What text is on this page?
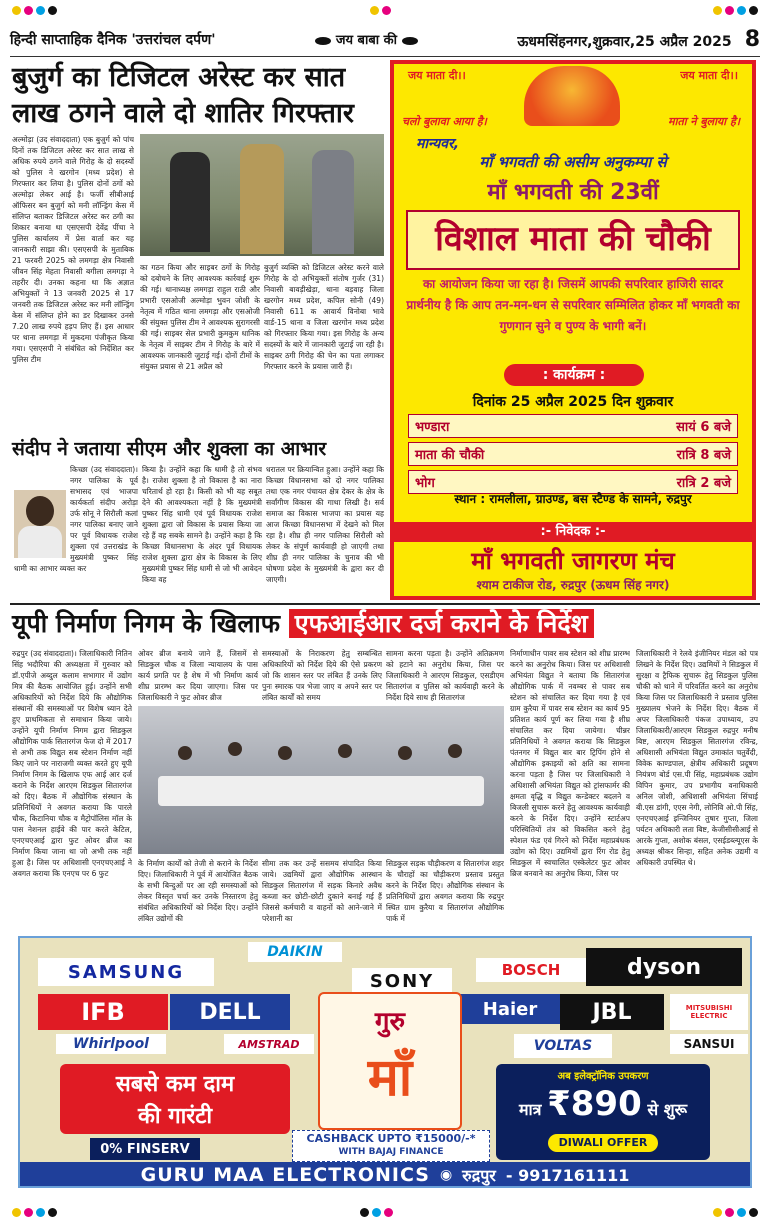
हिन्दी साप्ताहिक दैनिक 'उत्तरांचल दर्पण'	जय बाबा की	ऊधमसिंहनगर,शुक्रवार,25 अप्रैल 2025 8
बुजुर्ग का टिजिटल अरेस्ट कर सात
लाख ठगने वाले दो शातिर गिरफ्तार
अल्मोड़ा (उद संवाददाता) एक बुजुर्ग को पांच दिनों तक डिजिटल अरेस्ट कर सात लाख से अधिक रुपये ठगने वाले गिरोह के दो सदस्यों को पुलिस ने खरगोन (मध्य प्रदेश) से गिरफ्तार कर लिया है। पुलिस दोनों ठगों को अल्मोड़ा लेकर आई है। फर्जी सीबीआई ऑफिसर बन बुजुर्ग को मनी लॉन्ड्रिंग केस में संलिप्त बताकर डिजिटल अरेस्ट कर ठगी का शिकार बनाया था एसएसपी देवेंद्र पींचा ने पुलिस कार्यालय में प्रेस वार्ता कर यह जानकारी साझा की। एसएसपी के मुताबिक 21 फरवरी 2025 को लमगड़ा क्षेत्र निवासी जीवन सिंह मेहता निवासी बगीला लमगड़ा ने तहरीर दी। उनका कहना था कि अज्ञात अभियुक्तों ने 13 जनवरी 2025 से 17 जनवरी तक डिजिटल अरेस्ट कर मनी लॉन्ड्रिंग केस में संलिप्त होने का डर दिखाकर उनसे 7.20 लाख रुपये हड़प लिए हैं। इस आधार पर थाना लमगड़ा में मुकदमा पंजीकृत किया गया। एसएसपी ने संबंधित को निर्देशित कर पुलिस टीम
का गठन किया और साइबर ठगों के गिरोह को दबोचने के लिए आवश्यक कार्रवाई शुरू की गई। थानाध्यक्ष लमगड़ा राहुल राठी और प्रभारी एसओजी अल्मोड़ा भुवन जोशी के नेतृत्व में गठित थाना लमगड़ा और एसओजी की संयुक्त पुलिस टीम ने आवश्यक सुरागरसी की गई। साइबर सेल प्रभारी कुमकुम धानिक के नेतृत्व में साइबर टीम ने गिरोह के बारे में आवश्यक जानकारी जुटाई गई। दोनों टीमों के संयुक्त प्रयास से 21 अप्रैल को
बुजुर्ग व्यक्ति को डिजिटल अरेस्ट करने वाले गिरोह के दो अभियुक्तों संतोष गुर्जर (31) निवासी बावड़ीखेड़ा, थाना बड़वाह जिला खरगोन मध्य प्रदेश, कपिल सोनी (49) निवासी 611 क आवार्य विनोबा भावे वार्ड-15 थाना व जिला खरगोन मध्य प्रदेश को गिरफ्तार किया गया। इस गिरोह के अन्य सदस्यों के बारे में जानकारी जुटाई जा रही है। साइबर ठगी गिरोह की चेन का पता लगाकर गिरफ्तार करने के प्रयास जारी हैं।
संदीप ने जताया सीएम और शुक्ला का आभार
किच्छा (उद संवाददाता)। नगर पालिका के पूर्व सभासद एवं भाजपा कार्यकर्ता संदीप अरोड़ा उर्फ सोनू ने सिरौली कलां नगर पालिका बनाए जाने पर पूर्व विधायक राजेश शुक्ला एवं उत्तराखंड के मुख्यमंत्री पुष्कर सिंह धामी का आभार व्यक्त कर
किया है। उन्होंने कहा कि धामी है तो संभव है। राजेश शुक्ला है तो विकास है का नारा चरितार्थ हो रहा है। किसी को भी यह सबूत देने की आवश्यकता नहीं है कि मुख्यमंत्री पुष्कर सिंह धामी एवं पूर्व विधायक राजेश शुक्ला द्वारा जो विकास के प्रयास किया जा रहे हैं वह सबके सामने है। उन्होंने कहा है कि किच्छा विधानसभा के अंदर पूर्व विधायक राजेश शुक्ला द्वारा क्षेत्र के विकास के लिए मुख्यमंत्री पुष्कर सिंह धामी से जो भी आवेदन किया वह
धरातल पर क्रियान्वित हुआ। उन्होंने कहा कि किच्छा विधानसभा को दो नगर पालिका तथा एक नगर पंचायत क्षेत्र देकर के क्षेत्र के सर्वांगीण विकास की गाथा लिखी है। सर्व समाज का विकास भाजपा का प्रयास यह आज किच्छा विधानसभा में देखने को मिल रहा है। शीघ्र ही नगर पालिका सिरौली को लेकर के संपूर्ण कार्यवाही हो जाएगी तथा शीघ्र ही नगर पालिका के चुनाव की भी घोषणा प्रदेश के मुख्यमंत्री के द्वारा कर दी जाएगी।
जय माता दी।।	जय माता दी।।
चलो बुलावा आया है।	माता ने बुलाया है।
मान्यवर,
माँ भगवती की असीम अनुकम्पा से
माँ भगवती की 23वीं
विशाल माता की चौकी
का आयोजन किया जा रहा है। जिसमें आपकी सपरिवार हाजिरी सादर प्रार्थनीय है कि आप तन-मन-धन से सपरिवार सम्मिलित होकर माँ भगवती का गुणगान सुने व पुण्य के भागी बनें।
: कार्यक्रम :
दिनांक 25 अप्रैल 2025 दिन शुक्रवार
भण्डारा	सायं 6 बजे
माता की चौकी	रात्रि 8 बजे
भोग	रात्रि 2 बजे
स्थान : रामलीला, ग्राउण्ड, बस स्टैण्ड के सामने, रुद्रपुर
:- निवेदक :-
माँ भगवती जागरण मंच
श्याम टाकीज रोड, रुद्रपुर (ऊधम सिंह नगर)
यूपी निर्माण निगम के खिलाफ एफआईआर दर्ज कराने के निर्देश
रुद्रपुर (उद संवाददाता)। जिलाधिकारी नितिन सिंह भदौरिया की अध्यक्षता में गुरुवार को डॉ.एपीजे अब्दुल कलाम सभागार में उद्योग मित्र की बैठक आयोजित हुई। उन्होंने सभी अधिकारियों को निर्देश दिये कि औद्योगिक संस्थानों की समस्याओं पर विशेष ध्यान देते हुए प्राथमिकता से समाधान किया जाये। उन्होंने यूपी निर्माण निगम द्वारा सिडकुल औद्योगिक पार्क सितारगंज फेज दो में 2017 से अभी तक विद्युत सब स्टेशन निर्माण नहीं किए जाने पर नाराजगी व्यक्त करते हुए यूपी निर्माण निगम के खिलाफ एफ आई आर दर्ज कराने के निर्देश आरएम सिडकुल सितारगंज को दिए। बैठक में औद्योगिक संस्थान के प्रतिनिधियों ने अवगत कराया कि पारले चौक, किटानिया चौक व मैट्रोपॉलिस मॉल के पास नेशनल हाईवे की पार करते केटिल, एनएचएआई द्वारा फुट ओवर ब्रीज का निर्माण किया जाना था जो अभी तक नहीं हुआ है। जिस पर अधिशासी एनएचएआई ने अवगत कराया कि एनएच पर 6 फुट
ओवर ब्रीज बनाये जाने हैं, जिसमें से सिडकुल चौक व जिला न्यायालय के पास कार्य प्रगति पर है शेष में भी निर्माण कार्य शीघ्र प्रारम्भ कर दिया जाएगा। जिस पर जिलाधिकारी ने फुट ओवर ब्रीज
समस्याओं के निराकरण हेतु सम्बन्धित अधिकारियों को निर्देश दिये की ऐसे प्रकरण जो कि शासन स्तर पर लंबित हैं उनके लिए पुनः स्मारक पत्र भेजा जाए व अपने स्तर पर लंबित कार्यों को समय
सामना करना पड़ता है। उन्होंने अतिक्रमण को हटाने का अनुरोध किया, जिस पर जिलाधिकारी ने आरएम सिडकुल, एसडीएम सितारगंज व पुलिस को कार्यवाही करने के निर्देश दिये साथ ही सितारगंज
के निर्माण कार्यों को तेजी से कराने के निर्देश दिए। जिलाधिकारी ने पूर्व में आयोजित बैठक के सभी बिन्दुओं पर आ रही समस्याओं को लेकर विस्तृत चर्चा कर उनके निस्तारण हेतु संबंधित अधिकारियों को निर्देश दिए। उन्होंने लंबित उद्योगों की
सीमा तक कर उन्हें ससमय संपादित किया जाये। उद्यमियों द्वारा औद्योगिक आस्थान सिडकुल सितारगंज में सड़क किनारे अवैध कब्जा कर छोटी-छोटी दुकाने बनाई गई हैं जिससे कर्मचारी व वाहनों को आने-जाने में परेशानी का
सिडकुल सड़क चौड़ीकरण व सितारगंज शहर के चौराहों का चौड़ीकरण प्रस्ताव प्रस्तुत करने के निर्देश दिए। औद्योगिक संस्थान के प्रतिनिधियों द्वारा अवगत कराया कि रुद्रपुर स्थित ग्राम कुरैया व सितारगंज औद्योगिक पार्क में
निर्माणाधीन पावर सब स्टेशन को शीघ्र प्रारम्भ करने का अनुरोध किया। जिस पर अधिशासी अभियंता विद्युत ने बताया कि सितारगंज औद्योगिक पार्क में नवम्बर से पावर सब स्टेशन को संचालित कर दिया गया है एवं ग्राम कुरैया में पावर सब स्टेशन का कार्य 95 प्रतिशत कार्य पूर्ण कर लिया गया है शीघ्र संचालित कर दिया जायेगा। चीन्नर प्रतिनिधियों ने अवगत कराया कि सिडकुल पंतनगर में विद्युत बार बार ट्रिपिंग होने से औद्योगिक इकाइयों को क्षति का सामना करना पड़ता है जिस पर जिलाधिकारी ने अधिशासी अभियंता विद्युत को ट्रांसफार्मर की क्षमता वृद्धि व विद्युत कन्डेक्टर बदलने व बिजली सुचारू करने हेतु आवश्यक कार्यवाही करने के निर्देश दिए। उन्होंने स्टार्टअप परिस्थितियों तंत्र को विकसित करने हेतु स्पेशल फंड एवं गिरने को निर्देश महाप्रबंधक उद्योग को दिए। उद्यमियों द्वारा रिंग रोड हेतु सिडकुल में स्वचालित एस्केलेटर फुट ओवर ब्रिज बनवाने का अनुरोध किया, जिस पर
जिलाधिकारी ने रेलवे इंजीनियर मंडल को पत्र लिखने के निर्देश दिए। उद्यमियों ने सिडकुल में सुरक्षा व ट्रैफिक सुचारू हेतु सिडकुल पुलिस चौकी को थाने में परिवर्तित करने का अनुरोध किया जिस पर जिलाधिकारी ने प्रस्ताव पुलिस मुख्यालय भेजने के निर्देश दिए। बैठक में अपर जिलाधिकारी पंकज उपाध्याय, उप जिलाधिकारी/आरएम सिडकुल रुद्रपुर मनीष बिष्ट, आरएम सिडकुल सितारगंज रविन्द्र, अधिशासी अभियंता विद्युत उमाकांत चतुर्वेदी, विवेक काण्डपाल, क्षेत्रीय अधिकारी प्रदूषण नियंत्रण बोर्ड एस.पी सिंह, महाप्रबंधक उद्योग विपिन कुमार, उप प्रभागीय वनाधिकारी अनिल जोशी, अधिशासी अभियंता सिंचाई बी.एस डांगी, एएस नेगी, लोनिवि ओ.पी सिंह, एनएचएआई इन्जिनियर तुषार गुप्ता, जिला पर्यटन अधिकारी लता बिष्ट, केजीसीसीआई से आरके गुप्ता, अशोक बंसल, एसईडब्ल्यूएस के अध्यक्ष श्रीकर सिन्हा, सहित अनेक उद्यमी व अधिकारी उपस्थित थे।
DAIKIN
SAMSUNG	SONY
BOSCH	dyson
IFB	DELL	Haier	JBL	MITSUBISHI ELECTRIC
Whirlpool	AMSTRAD	VOLTAS	SANSUI
गुरु
माँ
सबसे कम दाम
की गारंटी
0% FINSERV
CASHBACK UPTO ₹15000/-*
WITH BAJAJ FINANCE
अब इलेक्ट्रॉनिक उपकरण
मात्र ₹890 से शुरू
DIWALI OFFER
GURU MAA ELECTRONICS ◉ रुद्रपुर - 9917161111
